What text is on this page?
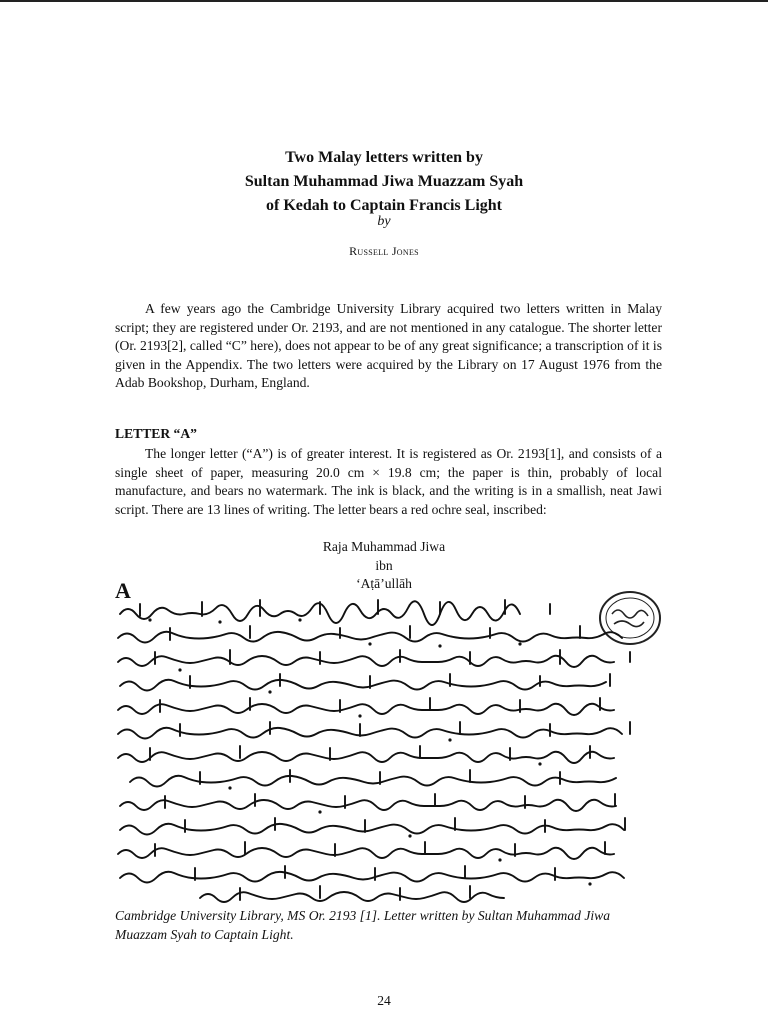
Two Malay letters written by
Sultan Muhammad Jiwa Muazzam Syah
of Kedah to Captain Francis Light
by
Russell Jones

A few years ago the Cambridge University Library acquired two letters written in Malay script; they are registered under Or. 2193, and are not mentioned in any catalogue. The shorter letter (Or. 2193[2], called “C” here), does not appear to be of any great significance; a transcription of it is given in the Appendix. The two letters were acquired by the Library on 17 August 1976 from the Adab Bookshop, Durham, England.

LETTER “A”

The longer letter (“A”) is of greater interest. It is registered as Or. 2193[1], and consists of a single sheet of paper, measuring 20.0 cm × 19.8 cm; the paper is thin, probably of local manufacture, and bears no watermark. The ink is black, and the writing is in a smallish, neat Jawi script. There are 13 lines of writing. The letter bears a red ochre seal, inscribed:

Raja Muhammad Jiwa
ibn
‘Aṭā’ullāh
A
Cambridge University Library, MS Or. 2193 [1]. Letter written by Sultan Muhammad Jiwa Muazzam Syah to Captain Light.
24
